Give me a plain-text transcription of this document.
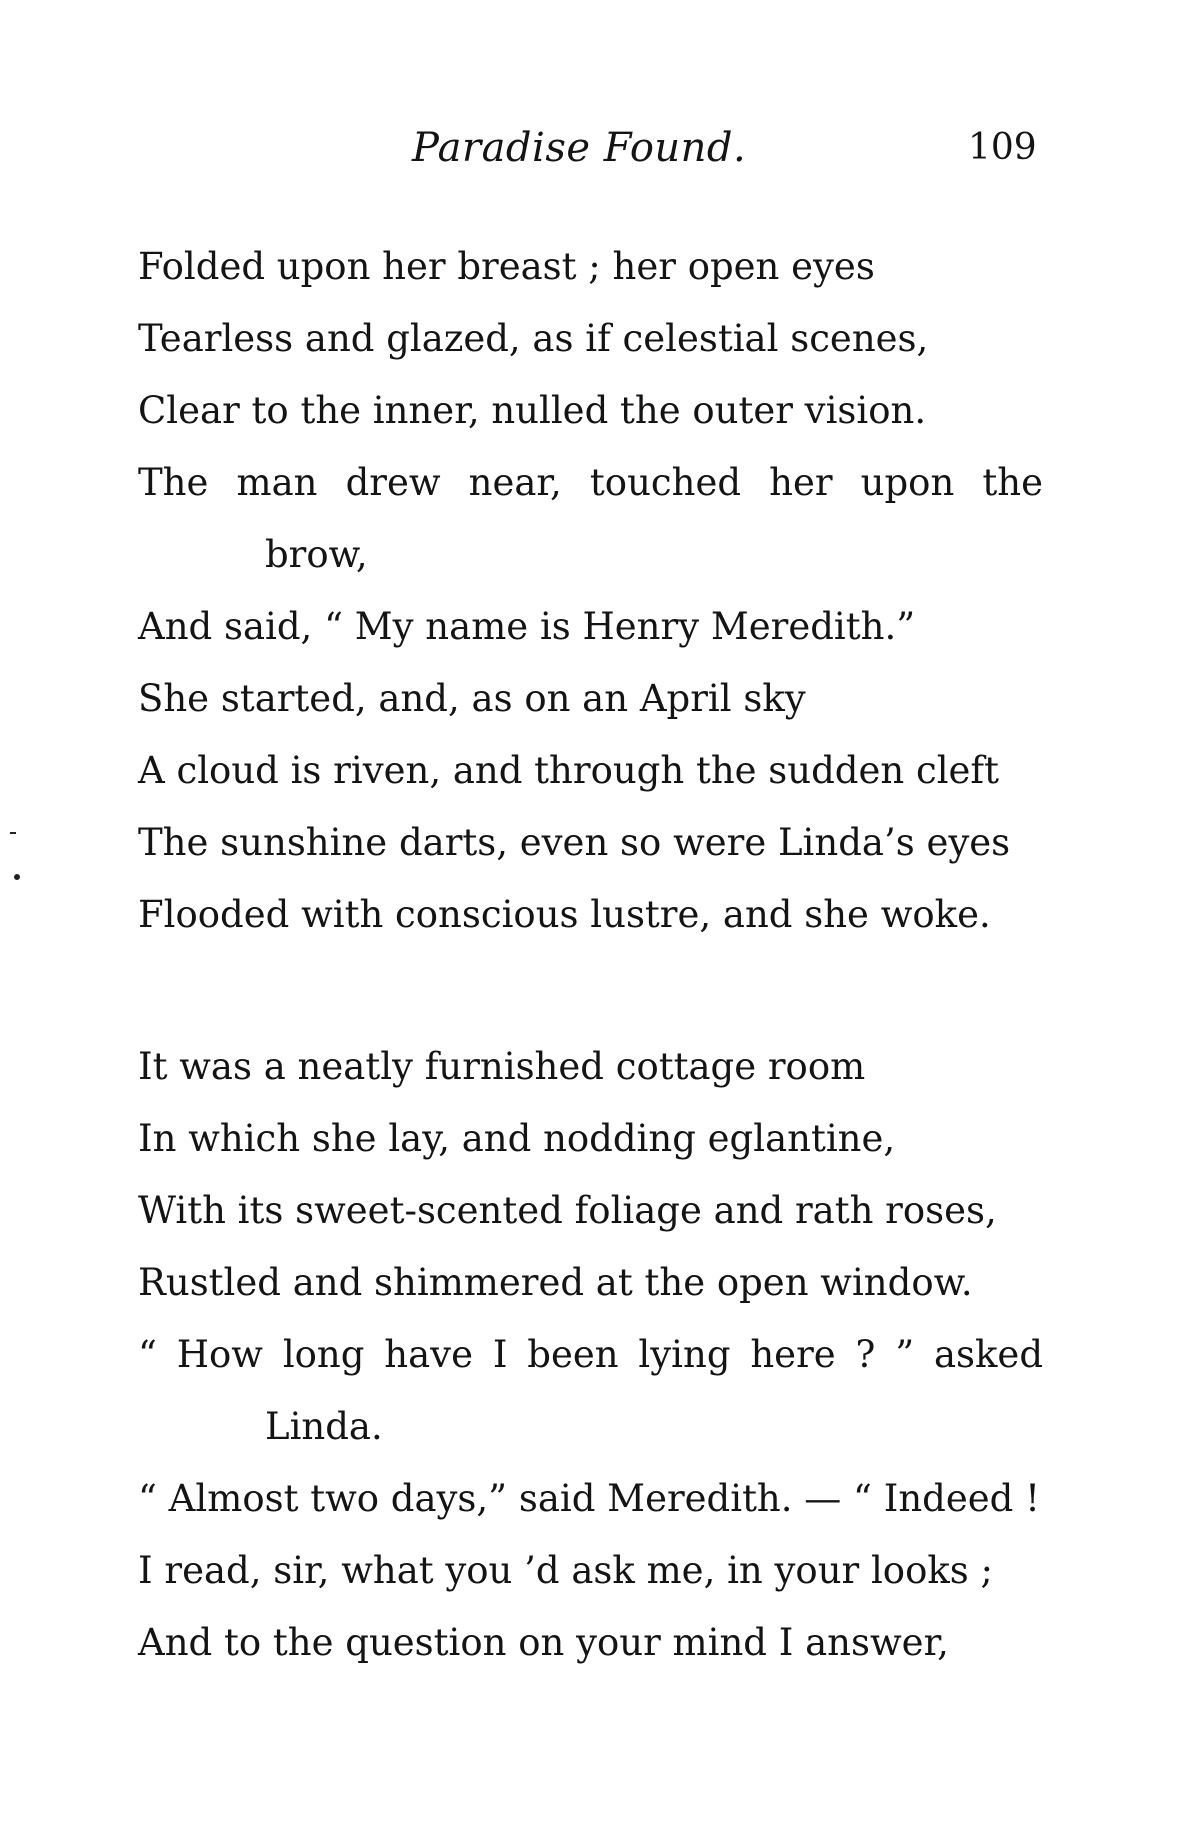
Paradise Found.	109
Folded upon her breast ; her open eyes
Tearless and glazed, as if celestial scenes,
Clear to the inner, nulled the outer vision.
The man drew near, touched her upon the
brow,
And said, “ My name is Henry Meredith.”
She started, and, as on an April sky
A cloud is riven, and through the sudden cleft
The sunshine darts, even so were Linda’s eyes
Flooded with conscious lustre, and she woke.
It was a neatly furnished cottage room
In which she lay, and nodding eglantine,
With its sweet-scented foliage and rath roses,
Rustled and shimmered at the open window.
“ How long have I been lying here ? ” asked
Linda.
“ Almost two days,” said Meredith. — “ Indeed !
I read, sir, what you ’d ask me, in your looks ;
And to the question on your mind I answer,
